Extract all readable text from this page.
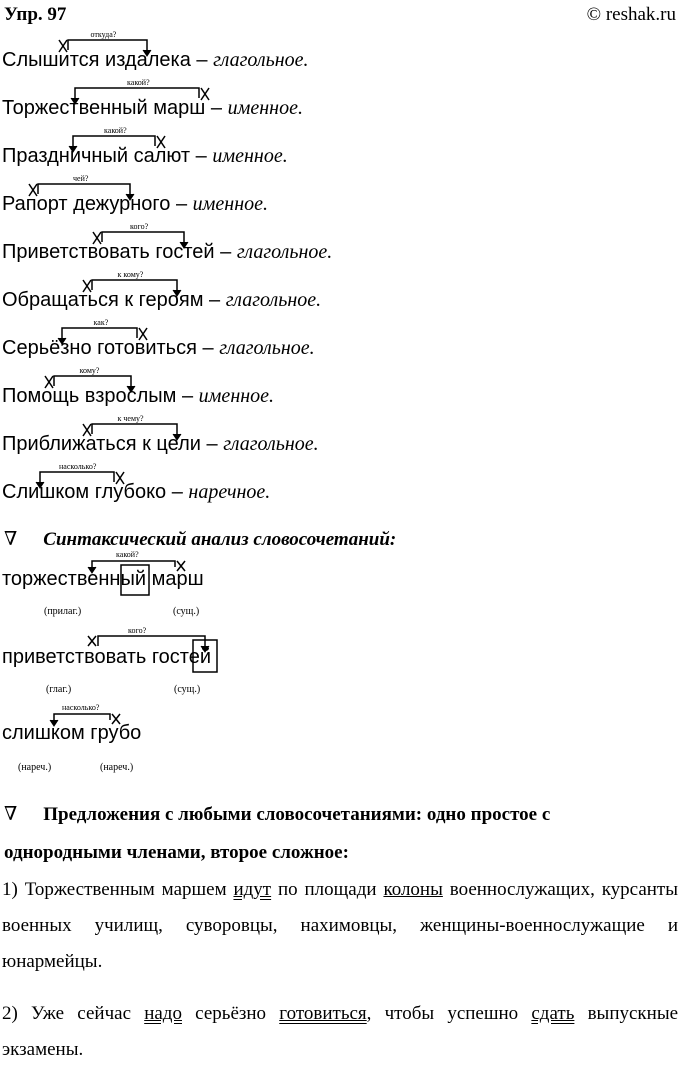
Упр. 97	© reshak.ru
откуда?
Слышится издалека – глагольное.
какой?
Торжественный марш – именное.
какой?
Праздничный салют – именное.
чей?
Рапорт дежурного – именное.
кого?
Приветствовать гостей – глагольное.
к кому?
Обращаться к героям – глагольное.
как?
Серьёзно готовиться – глагольное.
кому?
Помощь взрослым – именное.
к чему?
Приближаться к цели – глагольное.
насколько?
Слишком глубоко – наречное.
∇ Синтаксический анализ словосочетаний:
какой?
торжественный марш
(прилаг.)	(сущ.)
кого?
приветствовать гостей
(глаг.)	(сущ.)
насколько?
слишком грубо
(нареч.)	(нареч.)
∇ Предложения с любыми словосочетаниями: одно простое с
однородными членами, второе сложное:
1) Торжественным маршем идут по площади колоны военнослужащих, курсанты военных училищ, суворовцы, нахимовцы, женщины-военнослужащие и юнармейцы.
2) Уже сейчас надо серьёзно готовиться, чтобы успешно сдать выпускные экзамены.
